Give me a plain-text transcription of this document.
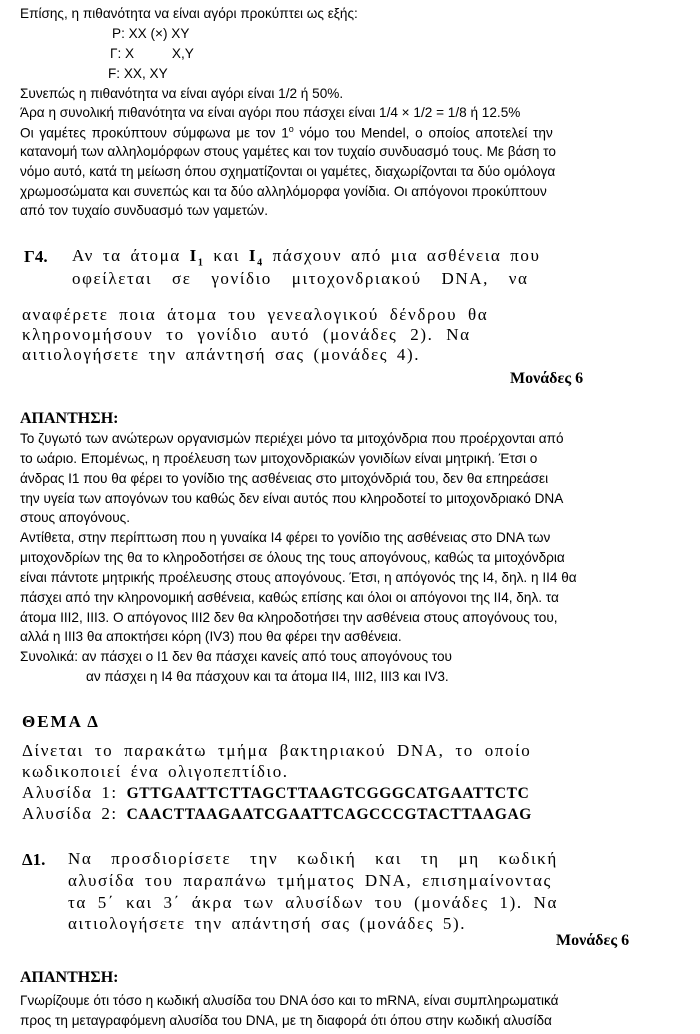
Επίσης, η πιθανότητα να είναι αγόρι προκύπτει ως εξής:
P: XX (×) XY
Γ: X          X,Y
F: XX, XY
Συνεπώς η πιθανότητα να είναι αγόρι είναι 1/2 ή 50%.
Άρα η συνολική πιθανότητα να είναι αγόρι που πάσχει είναι 1/4 × 1/2 = 1/8 ή 12.5%
Οι γαμέτες προκύπτουν σύμφωνα με τον $1^o$ νόμο του Mendel, ο οποίος αποτελεί την
κατανομή των αλληλομόρφων στους γαμέτες και τον τυχαίο συνδυασμό τους. Με βάση το
νόμο αυτό, κατά τη μείωση όπου σχηματίζονται οι γαμέτες, διαχωρίζονται τα δύο ομόλογα
χρωμοσώματα και συνεπώς και τα δύο αλληλόμορφα γονίδια. Οι απόγονοι προκύπτουν
από τον τυχαίο συνδυασμό των γαμετών.
Γ4. Αν τα άτομα $I_1$ και $I_4$ πάσχουν από μια ασθένεια που
οφείλεται σε γονίδιο μιτοχονδριακού DNA, να
αναφέρετε ποια άτομα του γενεαλογικού δένδρου θα
κληρονομήσουν το γονίδιο αυτό (μονάδες 2). Να
αιτιολογήσετε την απάντησή σας (μονάδες 4).
Μονάδες 6
ΑΠΑΝΤΗΣΗ:
Το ζυγωτό των ανώτερων οργανισμών περιέχει μόνο τα μιτοχόνδρια που προέρχονται από
το ωάριο. Επομένως, η προέλευση των μιτοχονδριακών γονιδίων είναι μητρική. Έτσι ο
άνδρας Ι1 που θα φέρει το γονίδιο της ασθένειας στο μιτοχόνδριά του, δεν θα επηρεάσει
την υγεία των απογόνων του καθώς δεν είναι αυτός που κληροδοτεί το μιτοχονδριακό DNA
στους απογόνους.
Αντίθετα, στην περίπτωση που η γυναίκα Ι4 φέρει το γονίδιο της ασθένειας στο DNA των
μιτοχονδρίων της θα το κληροδοτήσει σε όλους της τους απογόνους, καθώς τα μιτοχόνδρια
είναι πάντοτε μητρικής προέλευσης στους απογόνους. Έτσι, η απόγονός της Ι4, δηλ. η ΙΙ4 θα
πάσχει από την κληρονομική ασθένεια, καθώς επίσης και όλοι οι απόγονοι της ΙΙ4, δηλ. τα
άτομα ΙΙΙ2, ΙΙΙ3. Ο απόγονος ΙΙΙ2 δεν θα κληροδοτήσει την ασθένεια στους απογόνους του,
αλλά η ΙΙΙ3 θα αποκτήσει κόρη (IV3) που θα φέρει την ασθένεια.
Συνολικά: αν πάσχει ο Ι1 δεν θα πάσχει κανείς από τους απογόνους του
αν πάσχει η Ι4 θα πάσχουν και τα άτομα ΙΙ4, ΙΙΙ2, ΙΙΙ3 και IV3.
ΘΕΜΑ Δ
Δίνεται το παρακάτω τμήμα βακτηριακού DNA, το οποίο
κωδικοποιεί ένα ολιγοπεπτίδιο.
Αλυσίδα 1: GTTGAATTCTTAGCTTAAGTCGGGCATGAATTCTC
Αλυσίδα 2: CAACTTAAGAATCGAATTCAGCCCGTACTTAAGAG
Δ1. Να προσδιορίσετε την κωδική και τη μη κωδική
αλυσίδα του παραπάνω τμήματος DNA, επισημαίνοντας
τα 5΄ και 3΄ άκρα των αλυσίδων του (μονάδες 1). Να
αιτιολογήσετε την απάντησή σας (μονάδες 5).
Μονάδες 6
ΑΠΑΝΤΗΣΗ:
Γνωρίζουμε ότι τόσο η κωδική αλυσίδα του DNA όσο και το mRNA, είναι συμπληρωματικά
προς τη μεταγραφόμενη αλυσίδα του DNA, με τη διαφορά ότι όπου στην κωδική αλυσίδα
